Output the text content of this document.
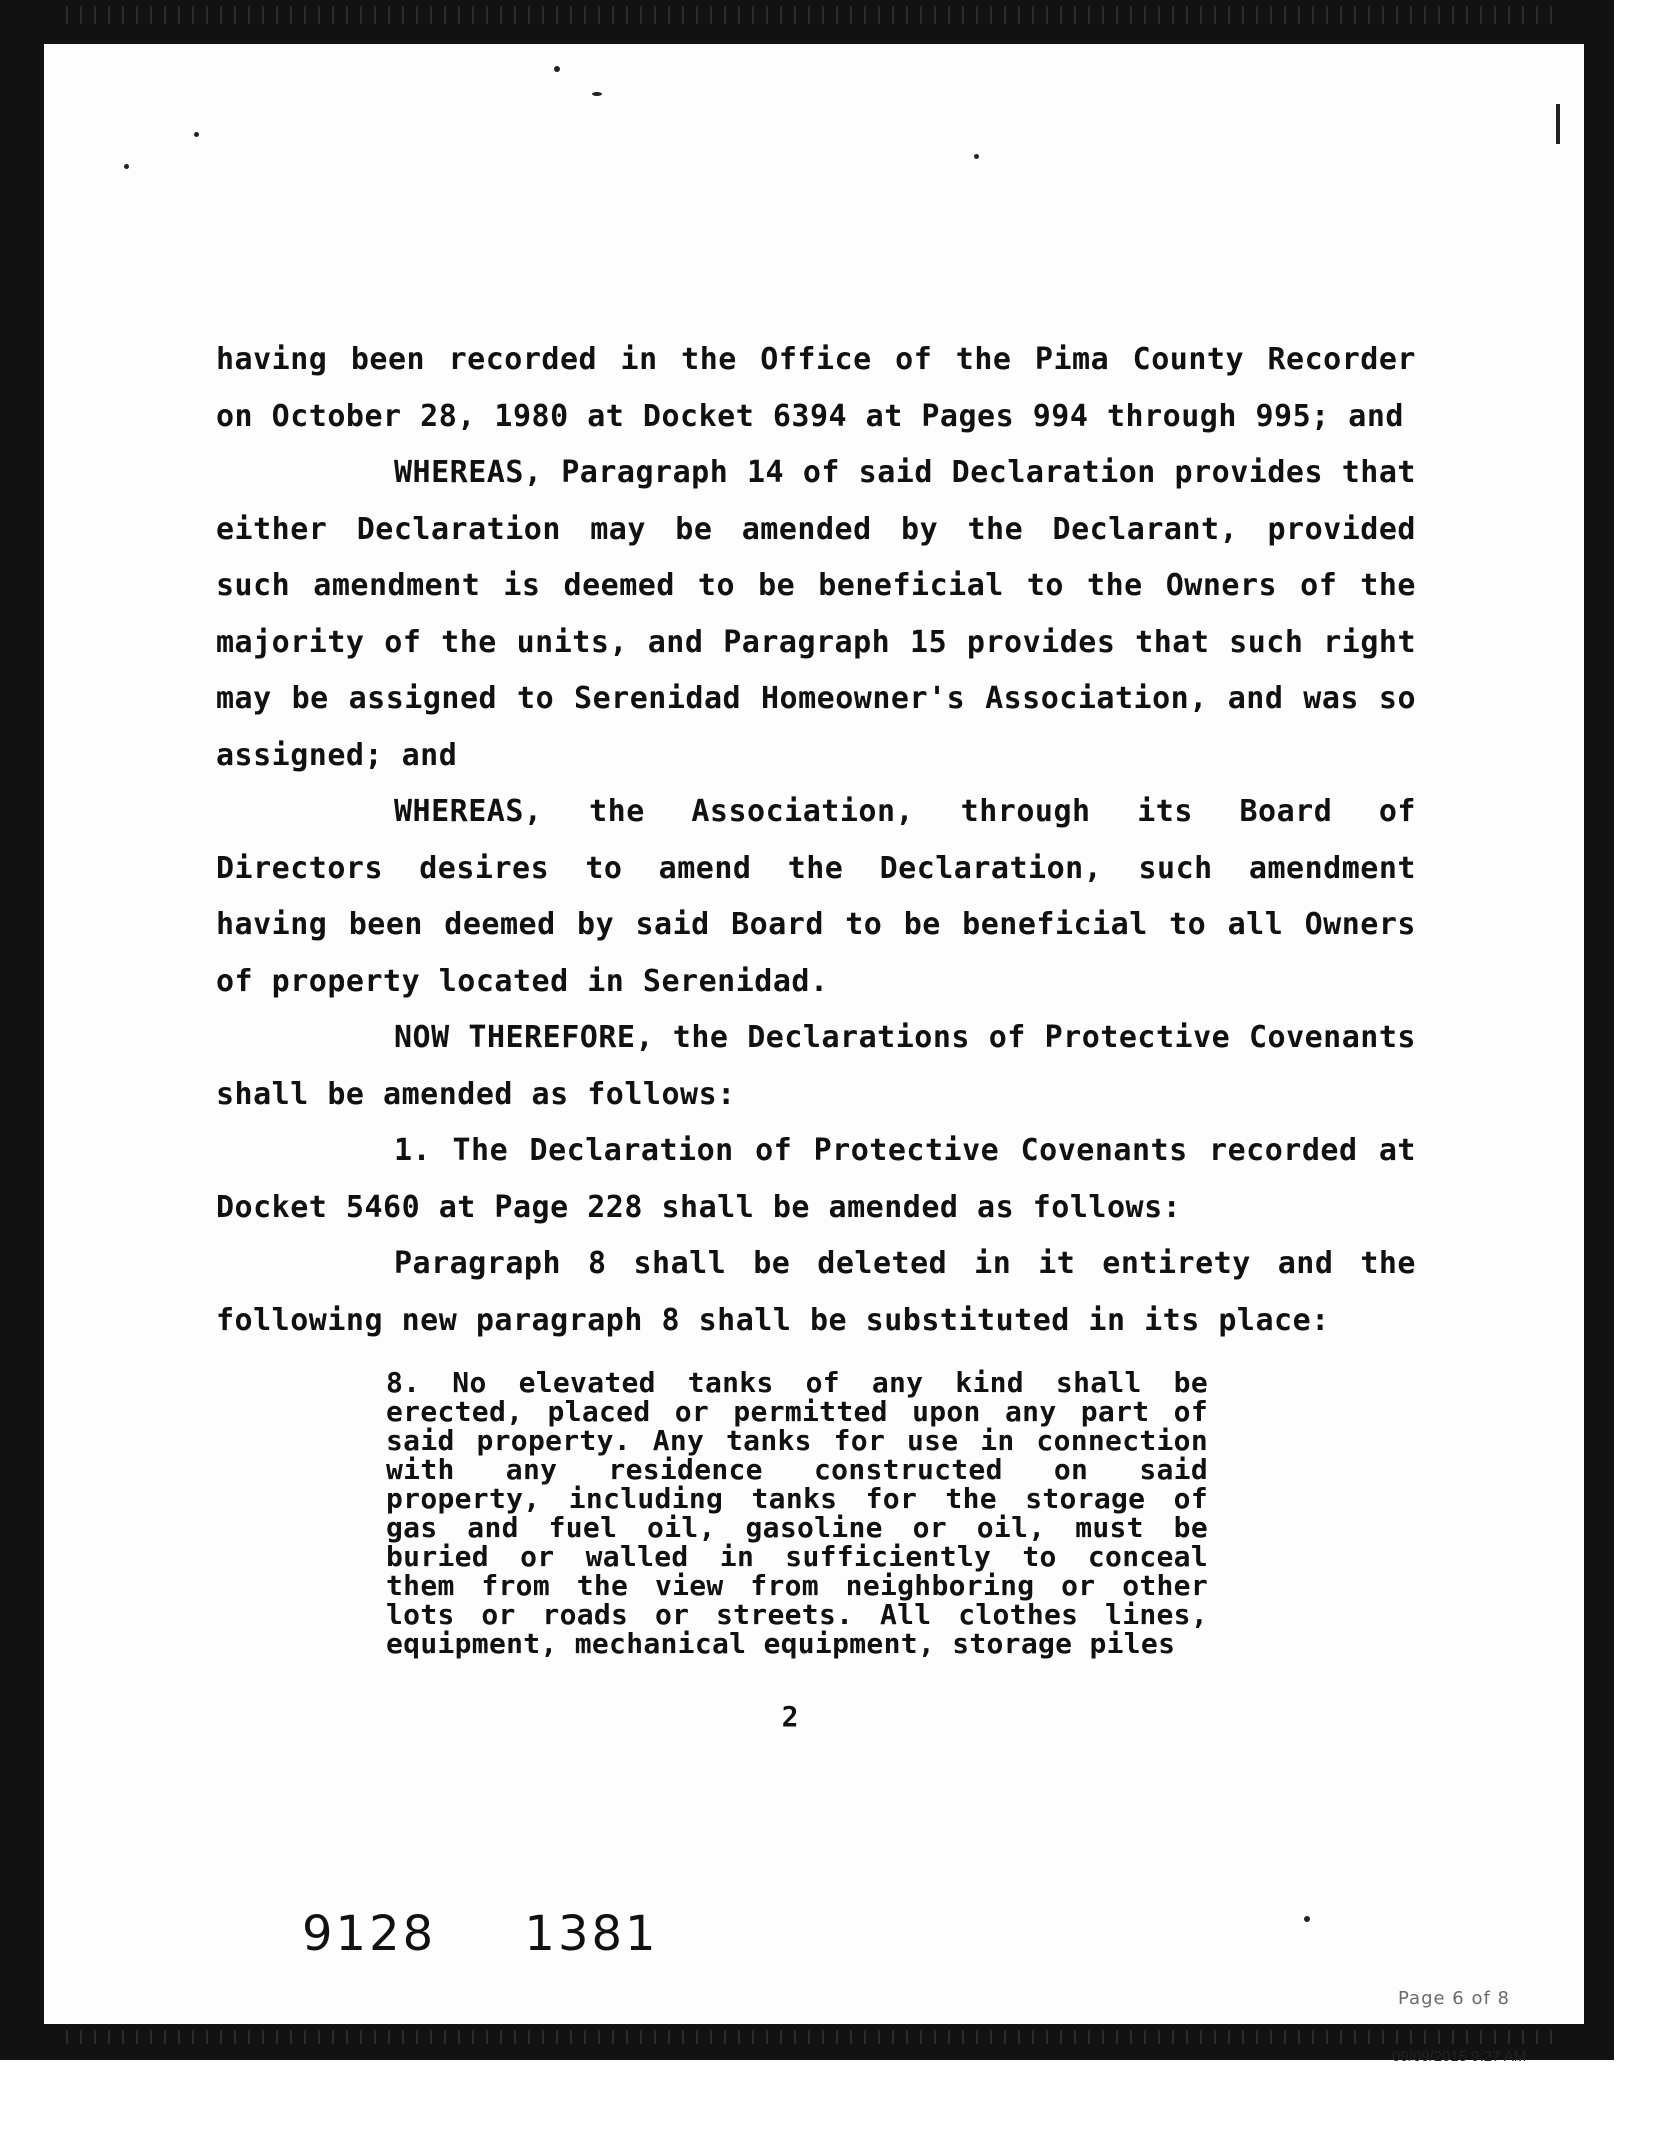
having been recorded in the Office of the Pima County Recorder on October 28, 1980 at Docket 6394 at Pages 994 through 995; and

WHEREAS, Paragraph 14 of said Declaration provides that either Declaration may be amended by the Declarant, provided such amendment is deemed to be beneficial to the Owners of the majority of the units, and Paragraph 15 provides that such right may be assigned to Serenidad Homeowner's Association, and was so assigned; and

WHEREAS, the Association, through its Board of Directors desires to amend the Declaration, such amendment having been deemed by said Board to be beneficial to all Owners of property located in Serenidad.

NOW THEREFORE, the Declarations of Protective Covenants shall be amended as follows:

1. The Declaration of Protective Covenants recorded at Docket 5460 at Page 228 shall be amended as follows:

Paragraph 8 shall be deleted in it entirety and the following new paragraph 8 shall be substituted in its place:

8. No elevated tanks of any kind shall be erected, placed or permitted upon any part of said property. Any tanks for use in connection with any residence constructed on said property, including tanks for the storage of gas and fuel oil, gasoline or oil, must be buried or walled in sufficiently to conceal them from the view from neighboring or other lots or roads or streets. All clothes lines, equipment, mechanical equipment, storage piles
2
9128 1381
Page 6 of 8
09/09/2015 9:27 AM
